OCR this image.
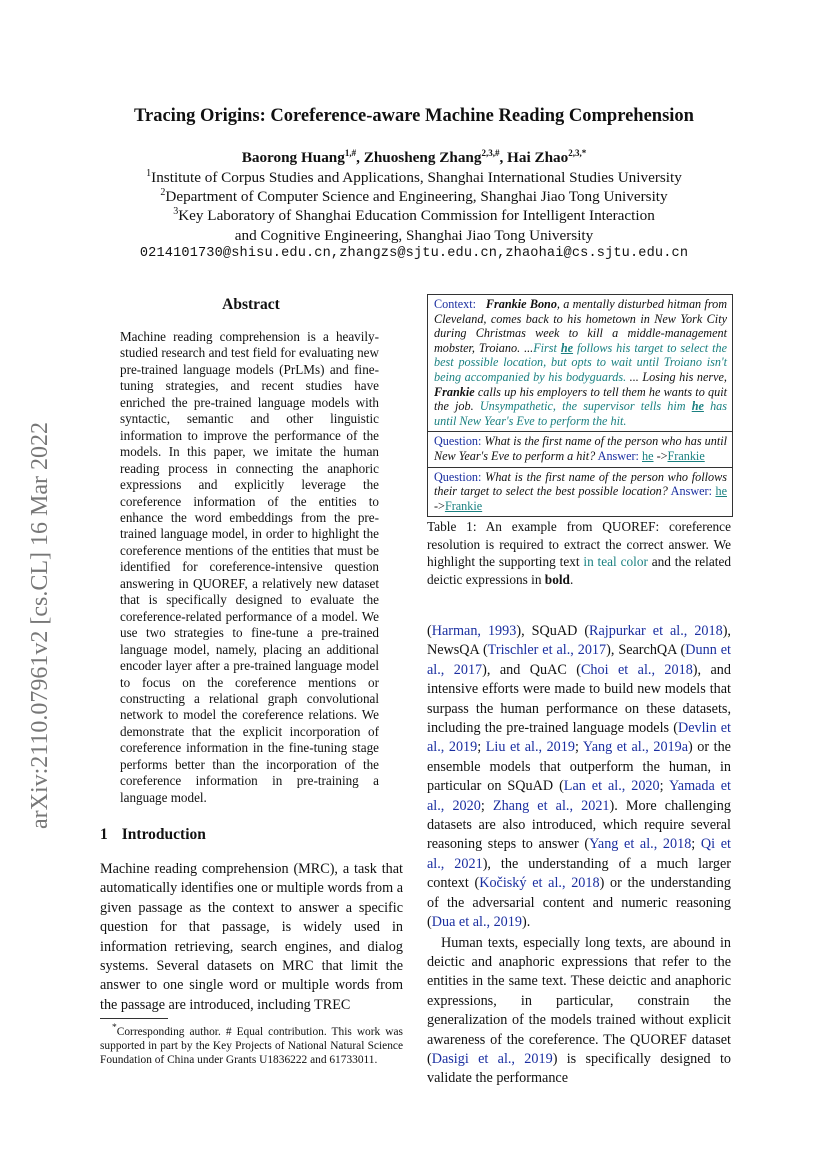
Tracing Origins: Coreference-aware Machine Reading Comprehension
Baorong Huang$^{1,\#}$, Zhuosheng Zhang$^{2,3,\#}$, Hai Zhao$^{2,3,*}$
$^1$Institute of Corpus Studies and Applications, Shanghai International Studies University
$^2$Department of Computer Science and Engineering, Shanghai Jiao Tong University
$^3$Key Laboratory of Shanghai Education Commission for Intelligent Interaction
and Cognitive Engineering, Shanghai Jiao Tong University
0214101730@shisu.edu.cn,zhangzs@sjtu.edu.cn,zhaohai@cs.sjtu.edu.cn
arXiv:2110.07961v2 [cs.CL] 16 Mar 2022
Abstract
Machine reading comprehension is a heavily-studied research and test field for evaluating new pre-trained language models (PrLMs) and fine-tuning strategies, and recent studies have enriched the pre-trained language models with syntactic, semantic and other linguistic information to improve the performance of the models. In this paper, we imitate the human reading process in connecting the anaphoric expressions and explicitly leverage the coreference information of the entities to enhance the word embeddings from the pre-trained language model, in order to highlight the coreference mentions of the entities that must be identified for coreference-intensive question answering in QUOREF, a relatively new dataset that is specifically designed to evaluate the coreference-related performance of a model. We use two strategies to fine-tune a pre-trained language model, namely, placing an additional encoder layer after a pre-trained language model to focus on the coreference mentions or constructing a relational graph convolutional network to model the coreference relations. We demonstrate that the explicit incorporation of coreference information in the fine-tuning stage performs better than the incorporation of the coreference information in pre-training a language model.
1 Introduction
Machine reading comprehension (MRC), a task that automatically identifies one or multiple words from a given passage as the context to answer a specific question for that passage, is widely used in information retrieving, search engines, and dialog systems. Several datasets on MRC that limit the answer to one single word or multiple words from the passage are introduced, including TREC

*Corresponding author. # Equal contribution. This work was supported in part by the Key Projects of National Natural Science Foundation of China under Grants U1836222 and 61733011.

Context: Frankie Bono, a mentally disturbed hitman from Cleveland, comes back to his hometown in New York City during Christmas week to kill a middle-management mobster, Troiano. ...First he follows his target to select the best possible location, but opts to wait until Troiano isn't being accompanied by his bodyguards. ... Losing his nerve, Frankie calls up his employers to tell them he wants to quit the job. Unsympathetic, the supervisor tells him he has until New Year's Eve to perform the hit.
Question: What is the first name of the person who has until New Year's Eve to perform a hit? Answer: he ->Frankie
Question: What is the first name of the person who follows their target to select the best possible location? Answer: he ->Frankie
Table 1: An example from QUOREF: coreference resolution is required to extract the correct answer. We highlight the supporting text in teal color and the related deictic expressions in bold.

(Harman, 1993), SQuAD (Rajpurkar et al., 2018), NewsQA (Trischler et al., 2017), SearchQA (Dunn et al., 2017), and QuAC (Choi et al., 2018), and intensive efforts were made to build new models that surpass the human performance on these datasets, including the pre-trained language models (Devlin et al., 2019; Liu et al., 2019; Yang et al., 2019a) or the ensemble models that outperform the human, in particular on SQuAD (Lan et al., 2020; Yamada et al., 2020; Zhang et al., 2021). More challenging datasets are also introduced, which require several reasoning steps to answer (Yang et al., 2018; Qi et al., 2021), the understanding of a much larger context (Kočiský et al., 2018) or the understanding of the adversarial content and numeric reasoning (Dua et al., 2019).

Human texts, especially long texts, are abound in deictic and anaphoric expressions that refer to the entities in the same text. These deictic and anaphoric expressions, in particular, constrain the generalization of the models trained without explicit awareness of the coreference. The QUOREF dataset (Dasigi et al., 2019) is specifically designed to validate the performance
